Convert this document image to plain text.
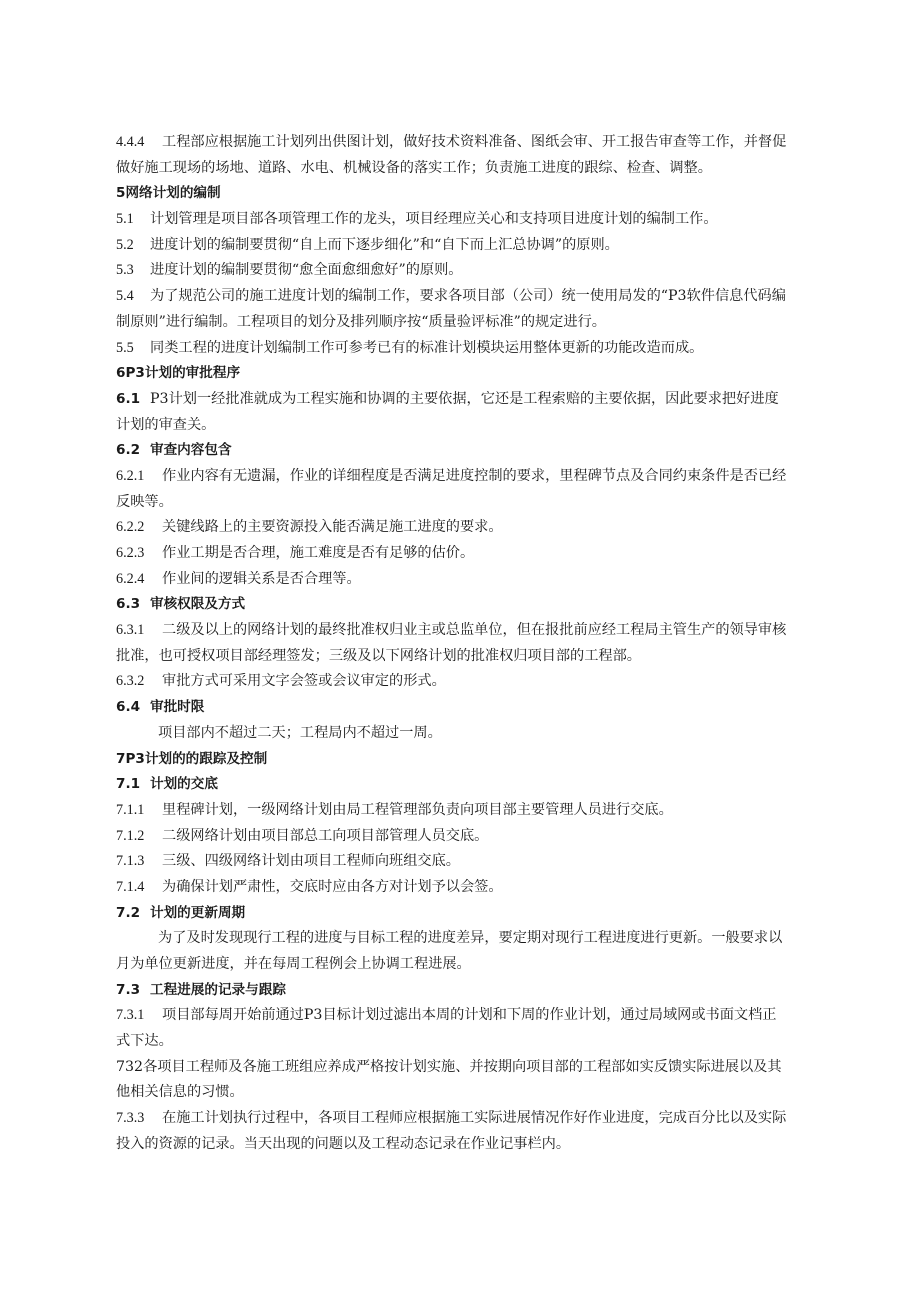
4.4.4 工程部应根据施工计划列出供图计划，做好技术资料准备、图纸会审、开工报告审查等工作，并督促
做好施工现场的场地、道路、水电、机械设备的落实工作；负责施工进度的跟综、检查、调整。
5网络计划的编制
5.1 计划管理是项目部各项管理工作的龙头，项目经理应关心和支持项目进度计划的编制工作。
5.2 进度计划的编制要贯彻“自上而下逐步细化”和“自下而上汇总协调”的原则。
5.3 进度计划的编制要贯彻“愈全面愈细愈好”的原则。
5.4 为了规范公司的施工进度计划的编制工作，要求各项目部（公司）统一使用局发的“P3软件信息代码编
制原则”进行编制。工程项目的划分及排列顺序按“质量验评标准”的规定进行。
5.5 同类工程的进度计划编制工作可参考已有的标准计划模块运用整体更新的功能改造而成。
6P3计划的审批程序
6.1 P3计划一经批准就成为工程实施和协调的主要依据，它还是工程索赔的主要依据，因此要求把好进度
计划的审查关。
6.2 审查内容包含
6.2.1 作业内容有无遗漏，作业的详细程度是否满足进度控制的要求，里程碑节点及合同约束条件是否已经
反映等。
6.2.2 关键线路上的主要资源投入能否满足施工进度的要求。
6.2.3 作业工期是否合理，施工难度是否有足够的估价。
6.2.4 作业间的逻辑关系是否合理等。
6.3 审核权限及方式
6.3.1 二级及以上的网络计划的最终批准权归业主或总监单位，但在报批前应经工程局主管生产的领导审核
批准，也可授权项目部经理签发；三级及以下网络计划的批准权归项目部的工程部。
6.3.2 审批方式可采用文字会签或会议审定的形式。
6.4 审批时限
项目部内不超过二天；工程局内不超过一周。
7P3计划的的跟踪及控制
7.1 计划的交底
7.1.1 里程碑计划，一级网络计划由局工程管理部负责向项目部主要管理人员进行交底。
7.1.2 二级网络计划由项目部总工向项目部管理人员交底。
7.1.3 三级、四级网络计划由项目工程师向班组交底。
7.1.4 为确保计划严肃性，交底时应由各方对计划予以会签。
7.2 计划的更新周期
为了及时发现现行工程的进度与目标工程的进度差异，要定期对现行工程进度进行更新。一般要求以
月为单位更新进度，并在每周工程例会上协调工程进展。
7.3 工程进展的记录与跟踪
7.3.1 项目部每周开始前通过P3目标计划过滤出本周的计划和下周的作业计划，通过局域网或书面文档正
式下达。
732各项目工程师及各施工班组应养成严格按计划实施、并按期向项目部的工程部如实反馈实际进展以及其
他相关信息的习惯。
7.3.3 在施工计划执行过程中，各项目工程师应根据施工实际进展情况作好作业进度，完成百分比以及实际
投入的资源的记录。当天出现的问题以及工程动态记录在作业记事栏内。
